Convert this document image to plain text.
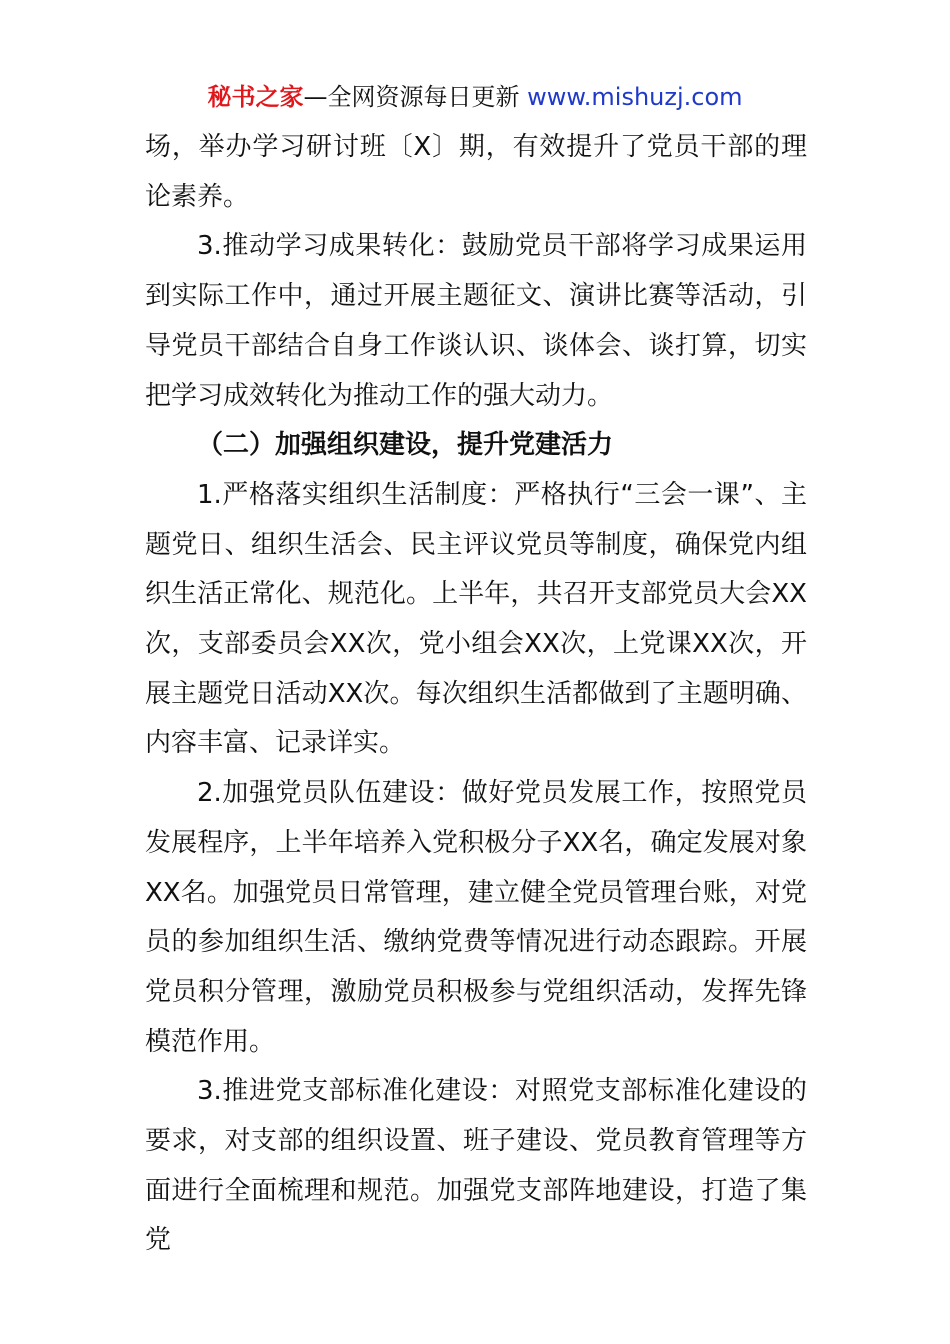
秘书之家—全网资源每日更新 www.mishuzj.com

场，举办学习研讨班〔X〕期，有效提升了党员干部的理论素养。

3.推动学习成果转化：鼓励党员干部将学习成果运用到实际工作中，通过开展主题征文、演讲比赛等活动，引导党员干部结合自身工作谈认识、谈体会、谈打算，切实把学习成效转化为推动工作的强大动力。

（二）加强组织建设，提升党建活力

1.严格落实组织生活制度：严格执行“三会一课”、主题党日、组织生活会、民主评议党员等制度，确保党内组织生活正常化、规范化。上半年，共召开支部党员大会XX次，支部委员会XX次，党小组会XX次，上党课XX次，开展主题党日活动XX次。每次组织生活都做到了主题明确、内容丰富、记录详实。

2.加强党员队伍建设：做好党员发展工作，按照党员发展程序，上半年培养入党积极分子XX名，确定发展对象XX名。加强党员日常管理，建立健全党员管理台账，对党员的参加组织生活、缴纳党费等情况进行动态跟踪。开展党员积分管理，激励党员积极参与党组织活动，发挥先锋模范作用。

3.推进党支部标准化建设：对照党支部标准化建设的要求，对支部的组织设置、班子建设、党员教育管理等方面进行全面梳理和规范。加强党支部阵地建设，打造了集党
